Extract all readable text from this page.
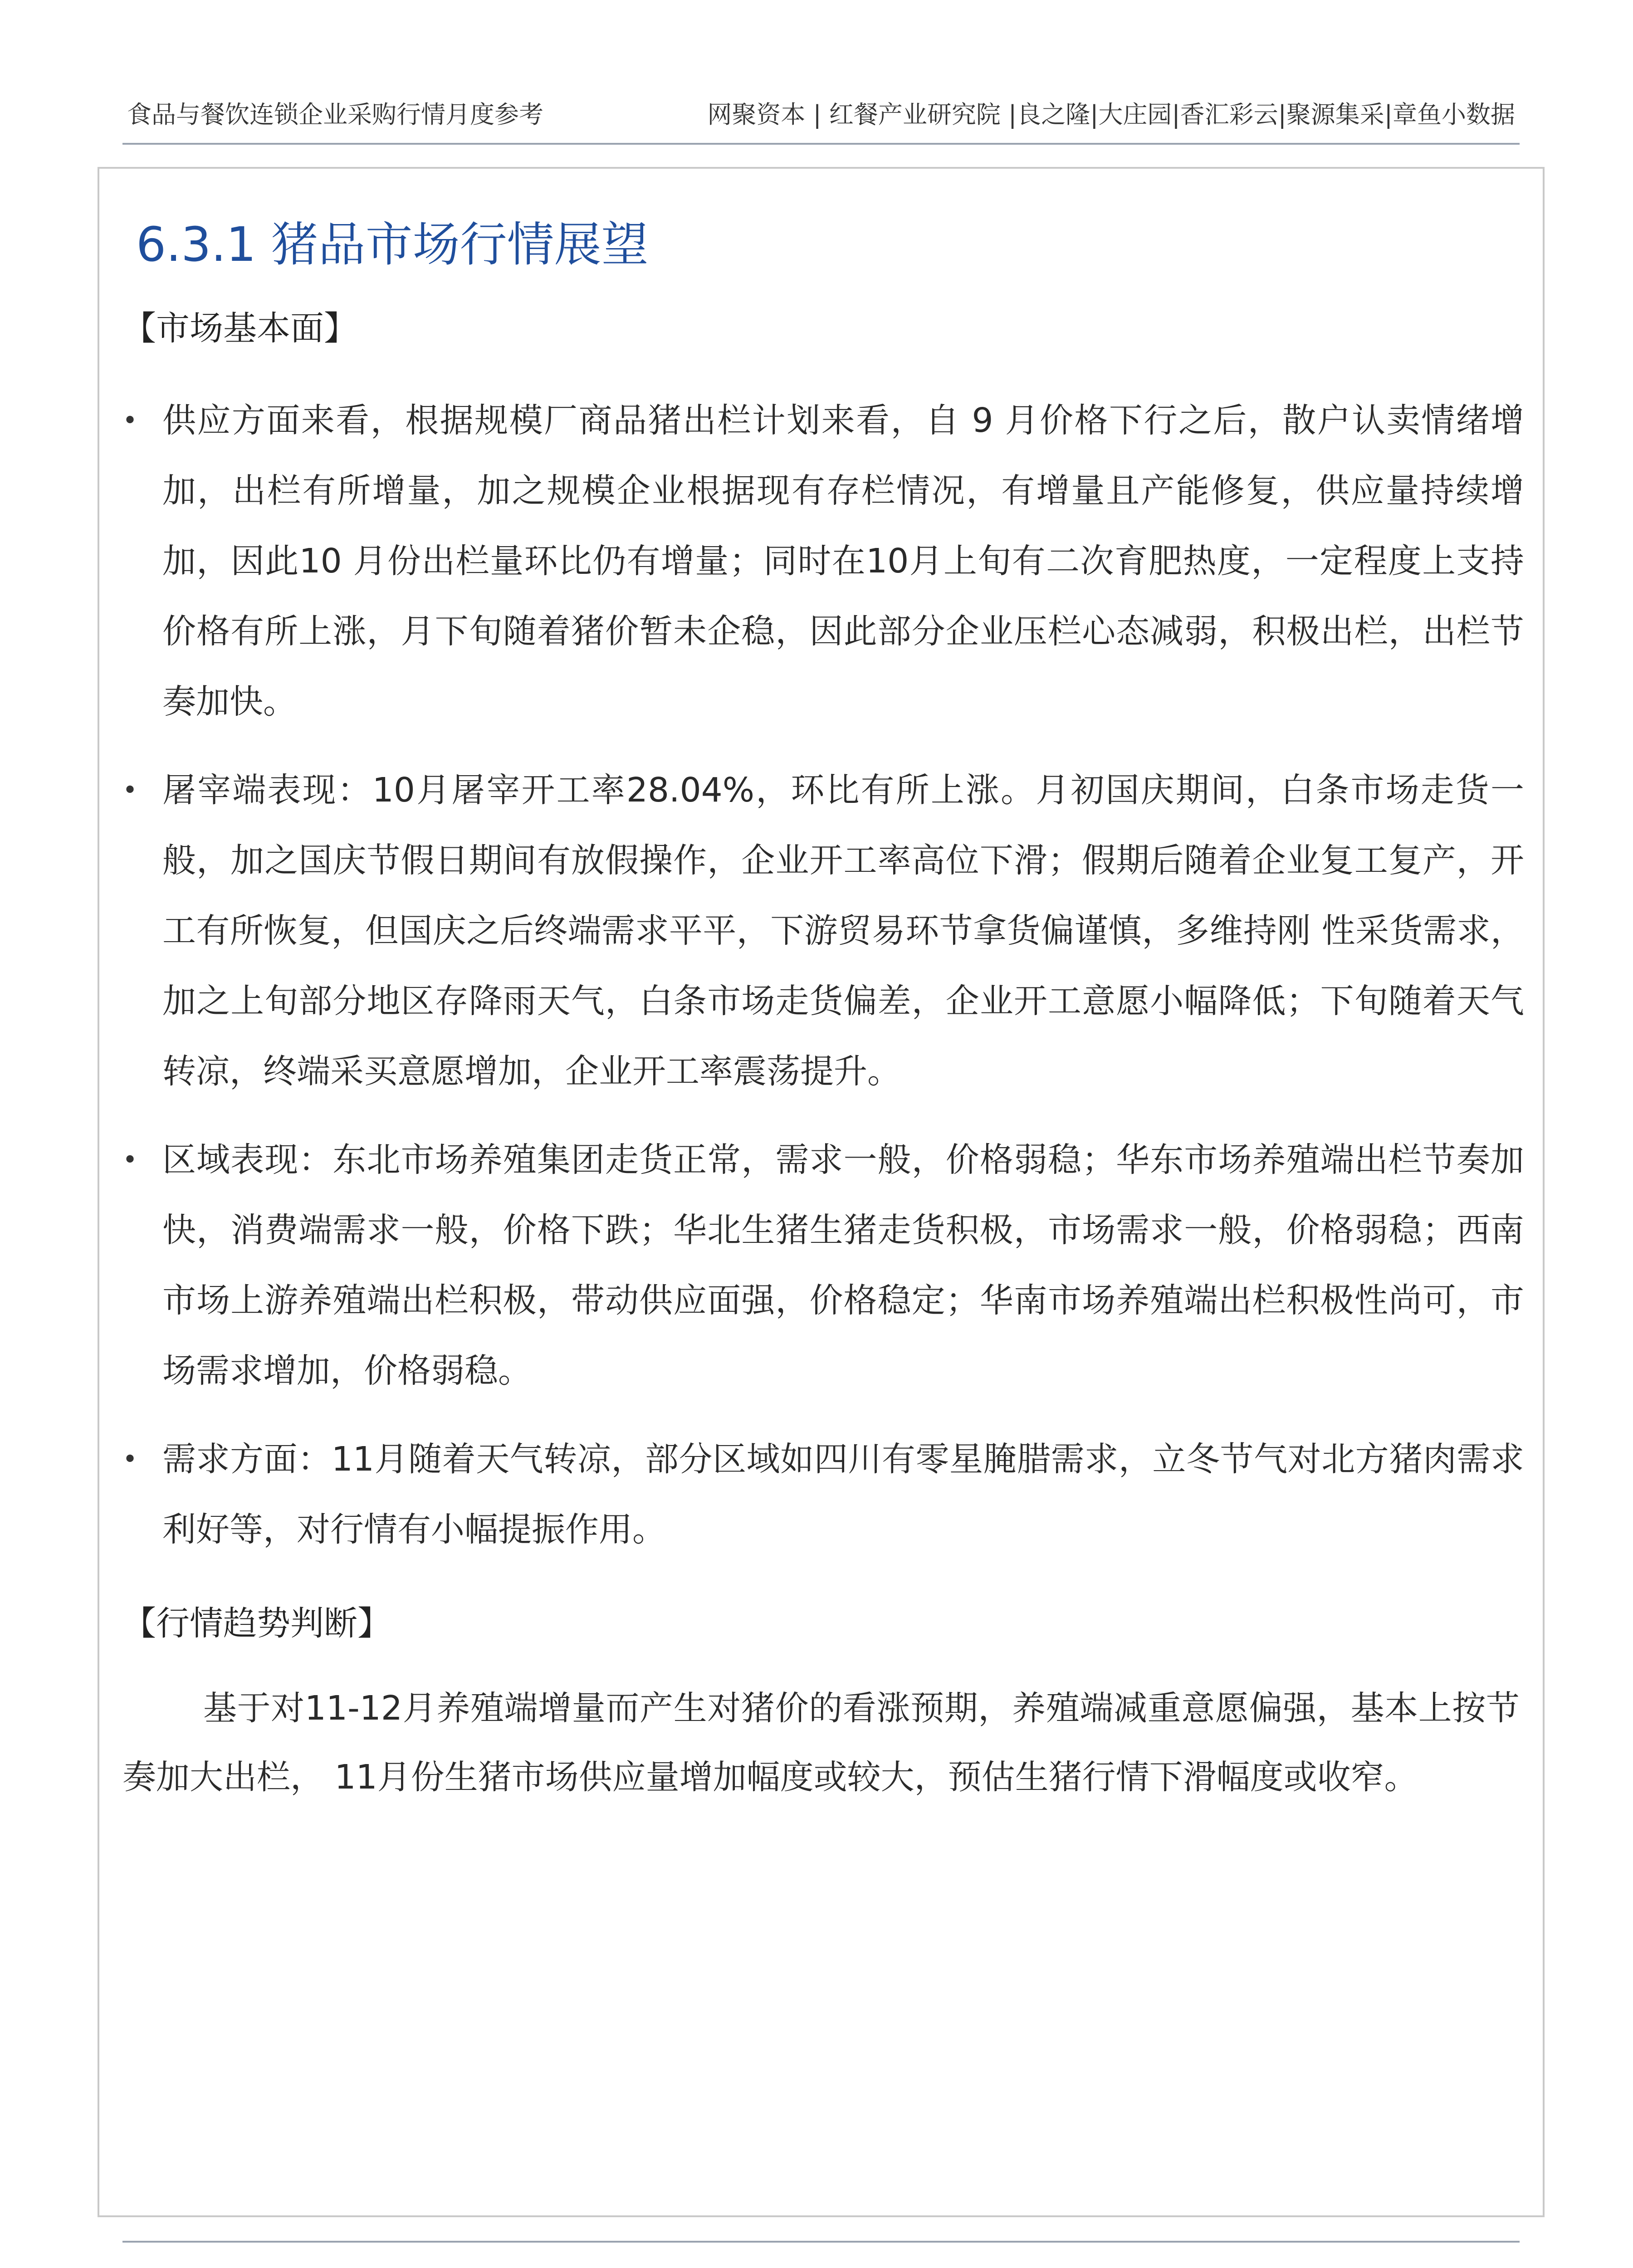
食品与餐饮连锁企业采购行情月度参考	网聚资本 | 红餐产业研究院 |良之隆|大庄园|香汇彩云|聚源集采|章鱼小数据
6.3.1 猪品市场行情展望
【市场基本面】
• 供应方面来看，根据规模厂商品猪出栏计划来看，自 9 月价格下行之后，散户认卖情绪增加，出栏有所增量，加之规模企业根据现有存栏情况，有增量且产能修复，供应量持续增加，因此10 月份出栏量环比仍有增量；同时在10月上旬有二次育肥热度，一定程度上支持价格有所上涨，月下旬随着猪价暂未企稳，因此部分企业压栏心态减弱，积极出栏，出栏节奏加快。
• 屠宰端表现：10月屠宰开工率28.04%，环比有所上涨。月初国庆期间，白条市场走货一般，加之国庆节假日期间有放假操作，企业开工率高位下滑；假期后随着企业复工复产，开工有所恢复，但国庆之后终端需求平平，下游贸易环节拿货偏谨慎，多维持刚 性采货需求，加之上旬部分地区存降雨天气，白条市场走货偏差，企业开工意愿小幅降低；下旬随着天气转凉，终端采买意愿增加，企业开工率震荡提升。
• 区域表现：东北市场养殖集团走货正常，需求一般，价格弱稳；华东市场养殖端出栏节奏加快，消费端需求一般，价格下跌；华北生猪生猪走货积极，市场需求一般，价格弱稳；西南市场上游养殖端出栏积极，带动供应面强，价格稳定；华南市场养殖端出栏积极性尚可，市场需求增加，价格弱稳。
• 需求方面：11月随着天气转凉，部分区域如四川有零星腌腊需求，立冬节气对北方猪肉需求利好等，对行情有小幅提振作用。
【行情趋势判断】

基于对11-12月养殖端增量而产生对猪价的看涨预期，养殖端减重意愿偏强，基本上按节奏加大出栏， 11月份生猪市场供应量增加幅度或较大，预估生猪行情下滑幅度或收窄。
